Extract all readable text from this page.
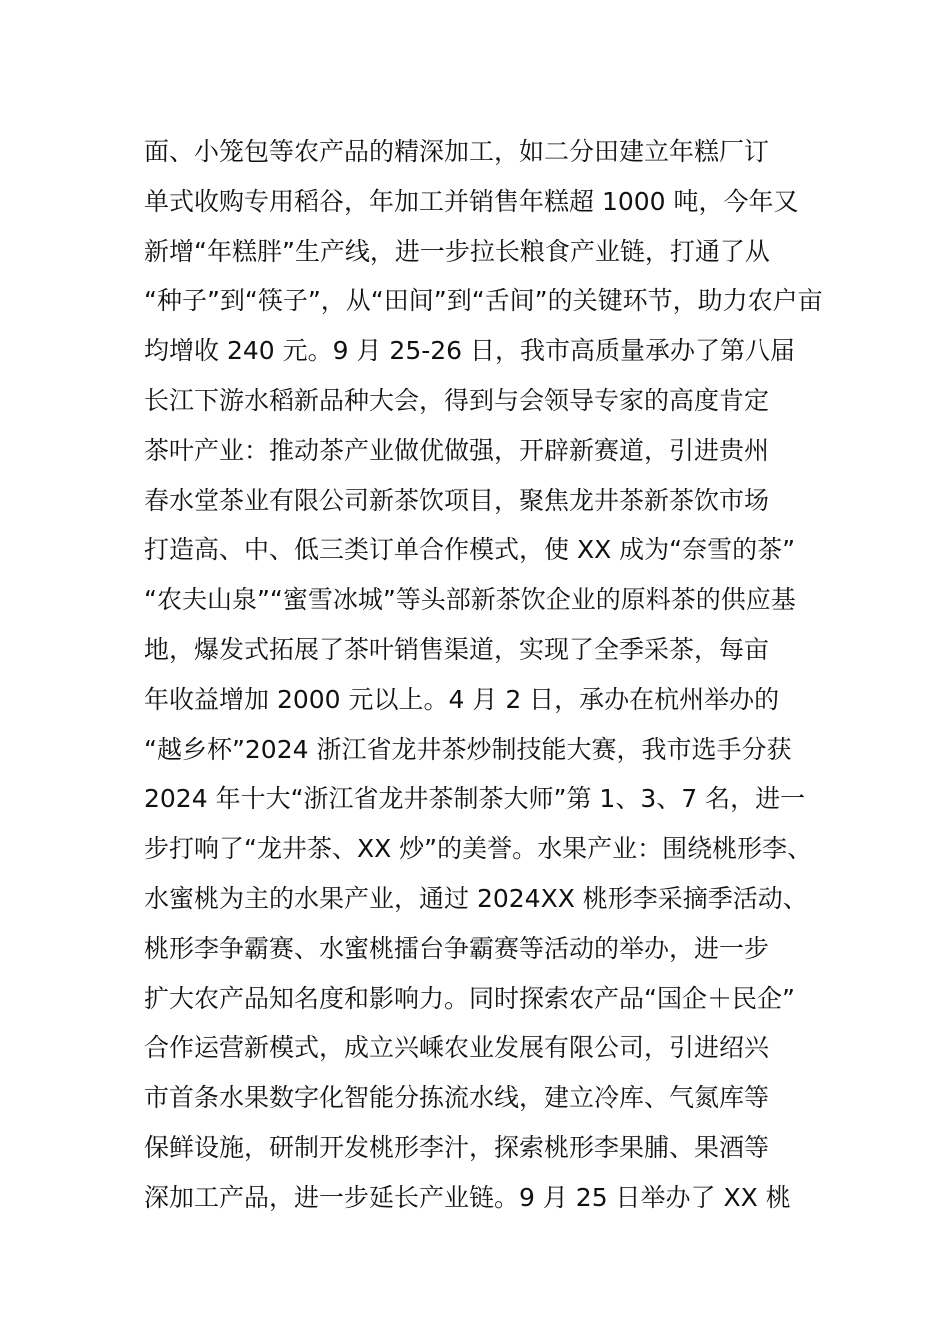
面、小笼包等农产品的精深加工，如二分田建立年糕厂订
单式收购专用稻谷，年加工并销售年糕超 1000 吨，今年又
新增“年糕胖”生产线，进一步拉长粮食产业链，打通了从
“种子”到“筷子”，从“田间”到“舌间”的关键环节，助力农户亩
均增收 240 元。9 月 25-26 日，我市高质量承办了第八届
长江下游水稻新品种大会，得到与会领导专家的高度肯定
茶叶产业：推动茶产业做优做强，开辟新赛道，引进贵州
春水堂茶业有限公司新茶饮项目，聚焦龙井茶新茶饮市场
打造高、中、低三类订单合作模式，使 XX 成为“奈雪的茶”
“农夫山泉”“蜜雪冰城”等头部新茶饮企业的原料茶的供应基
地，爆发式拓展了茶叶销售渠道，实现了全季采茶，每亩
年收益增加 2000 元以上。4 月 2 日，承办在杭州举办的
“越乡杯”2024 浙江省龙井茶炒制技能大赛，我市选手分获
2024 年十大“浙江省龙井茶制茶大师”第 1、3、7 名，进一
步打响了“龙井茶、XX 炒”的美誉。水果产业：围绕桃形李、
水蜜桃为主的水果产业，通过 2024XX 桃形李采摘季活动、
桃形李争霸赛、水蜜桃擂台争霸赛等活动的举办，进一步
扩大农产品知名度和影响力。同时探索农产品“国企＋民企”
合作运营新模式，成立兴嵊农业发展有限公司，引进绍兴
市首条水果数字化智能分拣流水线，建立冷库、气氮库等
保鲜设施，研制开发桃形李汁，探索桃形李果脯、果酒等
深加工产品，进一步延长产业链。9 月 25 日举办了 XX 桃
